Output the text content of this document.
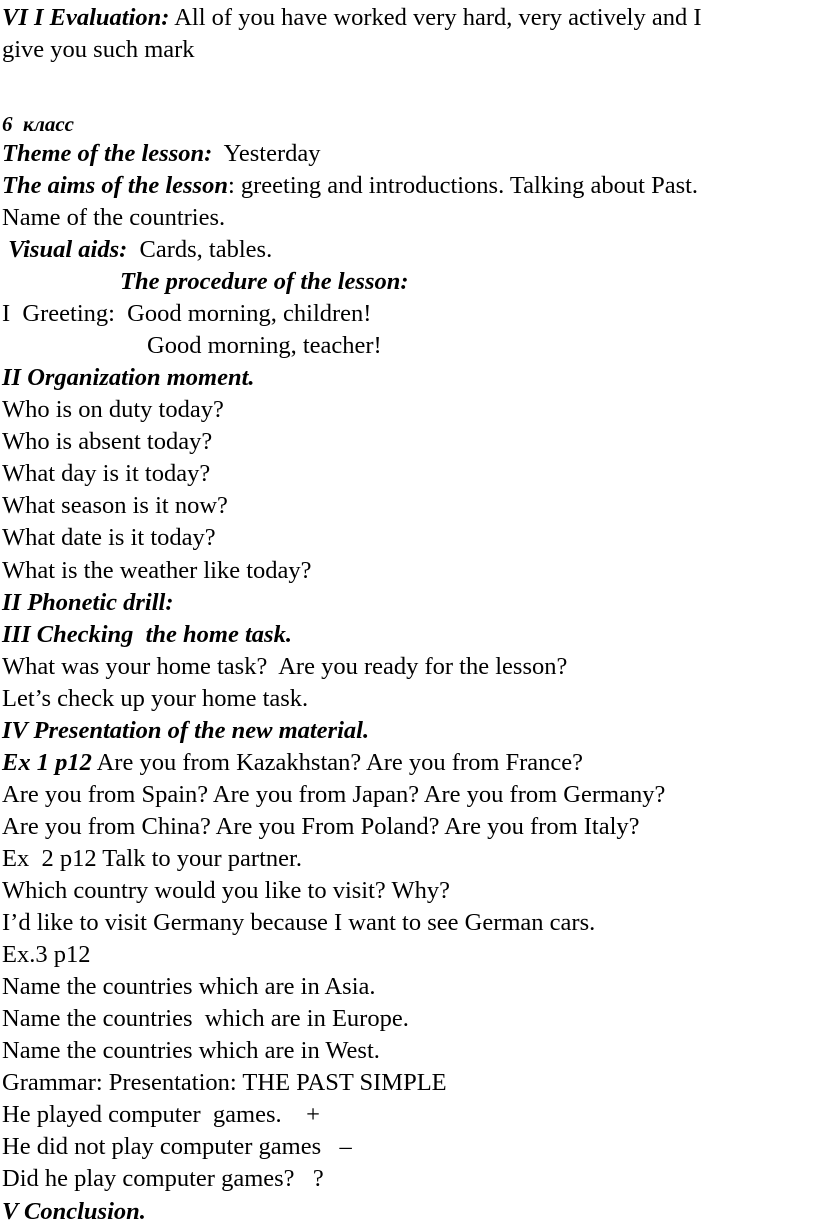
VI I Evaluation: All of you have worked very hard, very actively and I
give you such mark
6  класс
Theme of the lesson:  Yesterday
The aims of the lesson: greeting and introductions. Talking about Past.
Name of the countries.
Visual aids:  Cards, tables.
The procedure of the lesson:
I  Greeting:  Good morning, children!
Good morning, teacher!
II Organization moment.
Who is on duty today?
Who is absent today?
What day is it today?
What season is it now?
What date is it today?
What is the weather like today?
II Phonetic drill:
III Checking  the home task.
What was your home task?  Are you ready for the lesson?
Let’s check up your home task.
IV Presentation of the new material.
Ex 1 p12 Are you from Kazakhstan? Are you from France?
Are you from Spain? Are you from Japan? Are you from Germany?
Are you from China? Are you From Poland? Are you from Italy?
Ex  2 p12 Talk to your partner.
Which country would you like to visit? Why?
I’d like to visit Germany because I want to see German cars.
Ex.3 p12
Name the countries which are in Asia.
Name the countries  which are in Europe.
Name the countries which are in West.
Grammar: Presentation: THE PAST SIMPLE
He played computer  games.    +
He did not play computer games   –
Did he play computer games?   ?
V Conclusion.
